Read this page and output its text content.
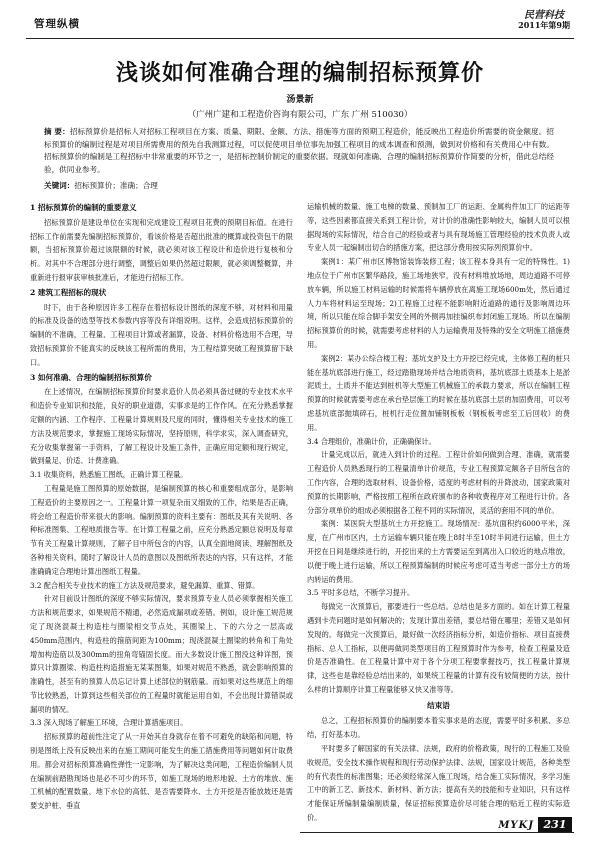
管理纵横
民营科技
2011年第9期
浅谈如何准确合理的编制招标预算价
汤景新
（广州广建和工程造价咨询有限公司，广东 广州 510030）
摘 要：招标预算价是招标人对招标工程项目在方案、质量、期限、金额、方法、措施等方面的预期工程造价，能反映出工程造价所需要的资金额度。招标预算价的编制过程是对项目所需费用的预先自我测算过程，可以促使项目单位事先加强工程项目的成本调查和预测，做到对价格和有关费用心中有数。招标预算价的编制是工程招标中非常重要的环节之一，是招标控制价制定的重要依据。现就如何准确、合理的编制招标预算价作简要的分析，借此总结经验，供同业参考。
关键词：招标预算价；准确；合理
1 招标预算价的编制的重要意义

招标预算价是建设单位在实现和完成建设工程项目花费的预期目标值。在进行招标工作前需要先编制招标预算价，看该价格是否超出批准的概算或投资包干的限额，当招标预算价超过该限额的时候，就必须对该工程设计和造价进行复核和分析。对其中不合理部分进行调整，调整后如果仍然超过限额，就必须调整概算，并重新进行报审获审核批准后，才能进行招标工作。

2 建筑工程招标的现状

时下，由于各种原因许多工程存在着招标设计图纸的深度不够，对材料和用量的标准及设备的选型等技术参数内容等没有详细说明。这样，会造成招标预算价的编制的不准确，工程量、工程项目计算或者漏算，设备、材料价格选用不合理，导致招标预算价不能真实的反映该工程所需的费用，为工程结算突破工程预算留下缺口。

3 如何准确、合理的编制招标预算价

在上述情况，在编制招标预算价时要求造价人员必须具备过硬的专业技术水平和造价专业知识和技能，良好的职业道德，实事求是的工作作风。在充分熟悉掌握定额的内涵、工作程序、工程量计算规则及尺度的同时，懂得相关专业技术的施工方法及规范要求，掌握施工现场实际情况，坚持原则，科学求实，深入调查研究，充分收集掌握第一手资料，了解工程设计及施工条件，正确应用定额和现行规定，做到量足、价适、计费准确。

3.1 收集资料，熟悉施工图纸，正确计算工程量。

工程量是施工图预算的原始数据，是编制预算的核心和重要组成部分，是影响工程造价的主要原因之一。工程量计算一项复杂而又细致的工作，结果是否正确，将会给工程造价带来很大的影响。编制预算的资料主要有：图纸及其有关说明、各种标准图集、工程地质报告等。在计算工程量之前，应充分熟悉定额总说明及每章节有关工程量计算规则，了解子目中所包含的内容，认真全面地阅读、理解图纸及各种相关资料，随时了解设计人员的意图以及图纸所表达的内容，只有这样，才能准确确定合理地计算出图纸工程量。

3.2 配合相关专业技术的施工方法及规范要求，避免漏算、重算、错算。

针对目前设计图纸的深度不够实际情况，要求预算专业人员必须掌握相关施工方法和规范要求，如果规范不精通，必然造成漏项或差错。例如，设计施工规范规定了现浇混凝土构造柱与圈梁相交节点处，其圈梁上、下的六分之一层高或450mm范围内，构造柱的箍筋间距为100mm；现浇混凝土圈梁的转角和丁角处增加构造筋以及300mm的扭角弯锚固长度。而大多数设计施工图没这种详图，预算只计算圈梁、构造柱构造措施无某某图集，如果对规范不熟悉，就会影响预算的准确性，甚至有的预算人员忘记计算上述部位的钢筋量。而如果对这些规范上的细节比较熟悉，计算到这些相关部位的工程量时就能运用自如，不会出现计算错误或漏项的情况。

3.3 深入现场了解施工环境，合理计算措施项目。

招标预算的超前性注定了从一开始其自身就存在着不可避免的缺陷和问题，特别是图纸上没有反映出来的在施工期间可能发生的施工措施费用等问题如何计取费用。都会对招标预算准确性弹性一定影响，为了解决这类问题，工程造价编制人员在编制前踏勘现场也是必不可少的环节，如施工现场的地形地貌、土方的堆放、施工机械的配置数量、地下水位的高低、是否需要降水、土方开挖是否能放坡还是需要支护桩、垂直

运输机械的数量、施工电梯的数量、预制加工厂的运距、金属构件加工厂的运距等等，这些因素都直接关系到工程计价，对计价的准确性影响较大，编制人员可以根据现场的实际情况，结合自己的经验或者与具有现场施工管理经验的技术负责人或专业人员一起编制出切合的措施方案，把这部分费用按实际列预算价中。

案例1：某广州市区博物馆装饰装修工程；该工程本身具有一定的特殊性。1)地点位于广州市区繁华路段，施工场地狭窄，没有材料堆放场地，周边道路不可停放车辆，所以施工材料运输的时候需将车辆停放在离施工现场600m处，然后通过人力车将材料运至现场；2)工程施工过程不能影响附近道路的通行及影响周边环境，所以只能在综合脚手架安全网的外侧再加挂编织布封闭施工现场。所以在编制招标预算价的时候，就需要考虑材料的人力运输费用及特殊的安全文明施工措施费用。

案例2：某办公综合楼工程；基坑支护及土方开挖已经完成，主体修工程的桩只能在基坑底部进行施工，经过踏勘现场并结合地质资料，基坑底部土质基本上是淤泥质土，土质并不能达到桩机等大型施工机械施工的承载力要求，所以在编制工程预算的时候就需要考虑在承台垫层施工的时候在基坑底部土层的加固费用，可以考虑基坑底部抛填碎石，桩机行走位置加铺钢板板（钢板板考虑至工后回收）的费用。

3.4 合理组价，准确计价，正确确保计。

计量完成以后，就进入到计价的过程。工程计价如何做到合理、准确，就需要工程造价人员熟悉现行的工程量清单计价规范，专业工程预算定额各子目所包含的工作内容，合理的选取材料、设备价格，适度的考虑材料的升降波动，国家政策对预算的长期影响，严格按照工程所在政府颁布的各种收费程序对工程进行计价。各分部分项单价的组成必须根据各工程不同的实际情况，灵活的套用不同的单价。

案例：某医院大型基坑土方开挖施工。现场情况：基坑面积约6000平米，深度，在广州市区内，土方运输车辆只能在晚上8时半至10时半间进行运输，但土方开挖在日间是继续进行的，开挖出来的土方需要运至到离出入口较近的地点堆放，以便于晚上进行运输，所以工程预算编制的时候应考虑可适当考虑一部分土方的场内转运的费用。

3.5 平时多总结，不断学习提升。

每做完一次预算后，都要进行一些总结。总结也是多方面的。如在计算工程量遇到卡壳问题时是如何解决的；发现计算出差错，要总结错在哪里；差错又是如何发现的。每做完一次预算后，最好做一次经济指标分析，如造价指标、项目直接费指标、总人工指标，以便再做同类型项目的工程预算时作为参考，检查工程量及造价是否准确性。在工程量计算中对于各个分项工程要掌握技巧，找工程量计算规律，这些也是靠经验总结出来的，如果统工程量的计算有没有较简便的方法，按什么样的计算顺序计算工程量能够又快又准等等。

结束语

总之，工程招标预算价的编制要本着实事求是的态度，需要平时多积累、多总结，打好基本功。

平时要多了解国家的有关法律、法规，政府的价格政策，现行的工程施工及验收规范，安全技术操作规程和现行劳动保护法律、法规，国家设计规范，各种类型的有代表性的标准图集；还必须经常深入施工现场，结合施工实际情况，多学习施工中的新工艺、新技术、新材料、新方法；提高有关的技能和专业知识，只有这样才能保证所编制量编制质量，保证招标预算造价尽可能合理的贴近工程的实际造价。

MYKJ 231
